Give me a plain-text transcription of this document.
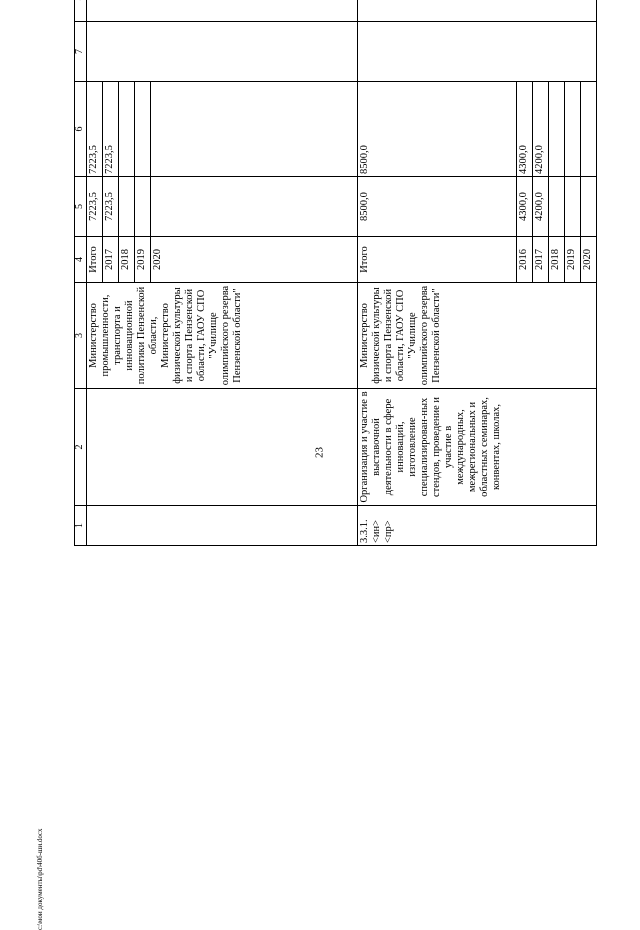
23
c:\мои документы\pd\40б-ши.docx
1	2	3	4	5	6	7				
		Министерство промышленности, транспорта и инновационной политики Пензенской области, Министерство физической культуры и спорта Пензенской области, ГАОУ СПО "Училище олимпийского резерва Пензенской области"	Итого	7223,5	7223,5					
			2017	7223,5	7223,5					
			2018							
			2019							
			2020							
3.3.1. <ин> <пр>	Организация и участие в выставочной деятельности в сфере инноваций, изготовление специализирован-ных стендов, проведение и участие в международных, межрегиональных и областных семинарах, конвентах, школах,	Министерство физической культуры и спорта Пензенской области, ГАОУ СПО "Училище олимпийского резерва Пензенской области"	Итого	8500,0	8500,0					
			2016	4300,0	4300,0	
			2017	4200,0	4200,0	
			2018			
			2019			
			2020			
